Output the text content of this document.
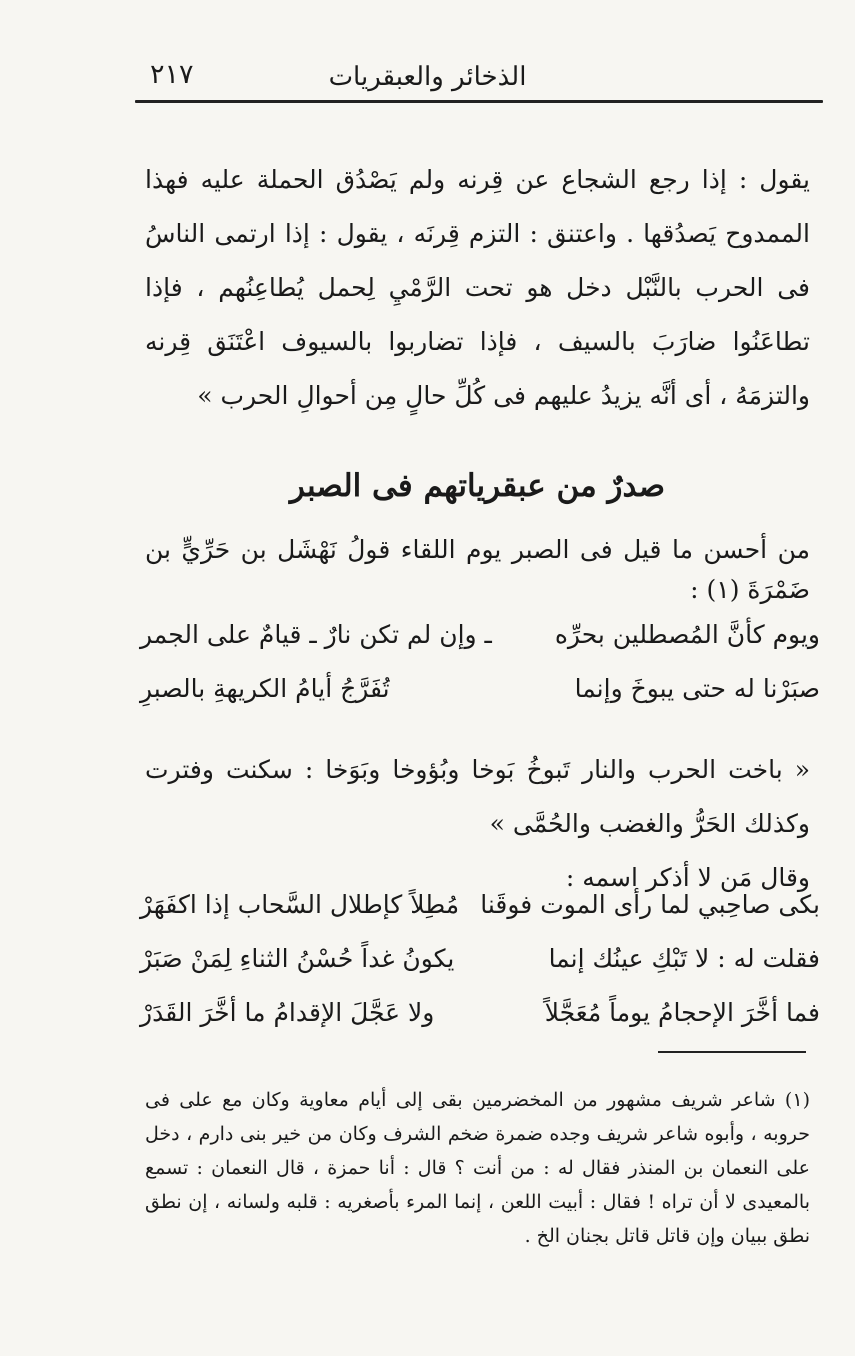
الذخائر والعبقريات
٢١٧

يقول : إذا رجع الشجاع عن قِرنه ولم يَصْدُق الحملة عليه فهذا الممدوح يَصدُقها . واعتنق : التزم قِرنَه ، يقول : إذا ارتمى الناسُ فى الحرب بالنَّبْل دخل هو تحت الرَّمْيِ لِحمل يُطاعِنُهم ، فإذا تطاعَنُوا ضارَبَ بالسيف ، فإذا تضاربوا بالسيوف اعْتَنَق قِرنه والتزمَهُ ، أى أنَّه يزيدُ عليهم فى كُلِّ حالٍ مِن أحوالِ الحرب »

صدرٌ من عبقرياتهم فى الصبر

من أحسن ما قيل فى الصبر يوم اللقاء قولُ نَهْشَل بن حَرِّيٍّ بن ضَمْرَةَ (١) :

ويوم كأنَّ المُصطلين بحرِّه
ـ وإن لم تكن نارٌ ـ قيامٌ على الجمر
صبَرْنا له حتى يبوخَ وإنما
تُفَرَّجُ أيامُ الكريهةِ بالصبرِ

« باخت الحرب والنار تَبوخُ بَوخا وبُؤوخا وبَوَخا : سكنت وفترت وكذلك الحَرُّ والغضب والحُمَّى »

وقال مَن لا أذكر اسمه :

بكى صاحِبي لما رأى الموت فوقَنا
مُطِلاً كإطلال السَّحاب إذا اكفَهَرْ
فقلت له : لا تَبْكِ عينُك إنما
يكونُ غداً حُسْنُ الثناءِ لِمَنْ صَبَرْ
فما أخَّرَ الإحجامُ يوماً مُعَجَّلاً
ولا عَجَّلَ الإقدامُ ما أخَّرَ القَدَرْ

(١) شاعر شريف مشهور من المخضرمين بقى إلى أيام معاوية وكان مع على فى حروبه ، وأبوه شاعر شريف وجده ضمرة ضخم الشرف وكان من خير بنى دارم ، دخل على النعمان بن المنذر فقال له : من أنت ؟ قال : أنا حمزة ، قال النعمان : تسمع بالمعيدى لا أن تراه ! فقال : أبيت اللعن ، إنما المرء بأصغريه : قلبه ولسانه ، إن نطق نطق ببيان وإن قاتل قاتل بجنان الخ .
